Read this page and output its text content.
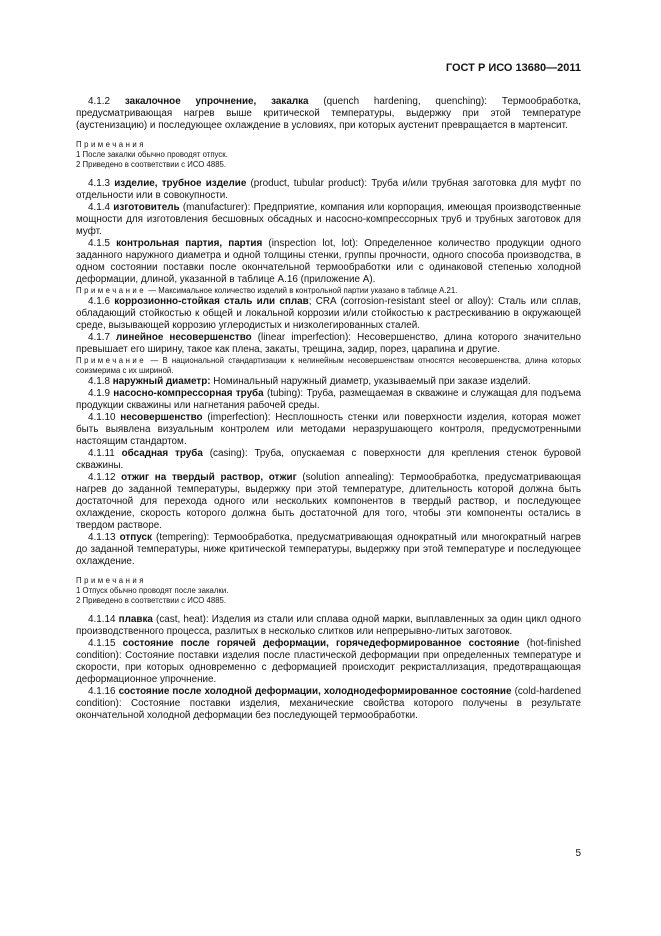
ГОСТ Р ИСО 13680—2011

4.1.2 закалочное упрочнение, закалка (quench hardening, quenching): Термообработка, предусматривающая нагрев выше критической температуры, выдержку при этой температуре (аустенизацию) и последующее охлаждение в условиях, при которых аустенит превращается в мартенсит.

Примечания
1 После закалки обычно проводят отпуск.
2 Приведено в соответствии с ИСО 4885.

4.1.3 изделие, трубное изделие (product, tubular product): Труба и/или трубная заготовка для муфт по отдельности или в совокупности.

4.1.4 изготовитель (manufacturer): Предприятие, компания или корпорация, имеющая производственные мощности для изготовления бесшовных обсадных и насосно-компрессорных труб и трубных заготовок для муфт.

4.1.5 контрольная партия, партия (inspection lot, lot): Определенное количество продукции одного заданного наружного диаметра и одной толщины стенки, группы прочности, одного способа производства, в одном состоянии поставки после окончательной термообработки или с одинаковой степенью холодной деформации, длиной, указанной в таблице А.16 (приложение А).

Примечание — Максимальное количество изделий в контрольной партии указано в таблице А.21.

4.1.6 коррозионно-стойкая сталь или сплав; CRA (corrosion-resistant steel or alloy): Сталь или сплав, обладающий стойкостью к общей и локальной коррозии и/или стойкостью к растрескиванию в окружающей среде, вызывающей коррозию углеродистых и низколегированных сталей.

4.1.7 линейное несовершенство (linear imperfection): Несовершенство, длина которого значительно превышает его ширину, такое как плена, закаты, трещина, задир, порез, царапина и другие.

Примечание — В национальной стандартизации к нелинейным несовершенствам относятся несовершенства, длина которых соизмерима с их шириной.

4.1.8 наружный диаметр: Номинальный наружный диаметр, указываемый при заказе изделий.

4.1.9 насосно-компрессорная труба (tubing): Труба, размещаемая в скважине и служащая для подъема продукции скважины или нагнетания рабочей среды.

4.1.10 несовершенство (imperfection): Несплошность стенки или поверхности изделия, которая может быть выявлена визуальным контролем или методами неразрушающего контроля, предусмотренными настоящим стандартом.

4.1.11 обсадная труба (casing): Труба, опускаемая с поверхности для крепления стенок буровой скважины.

4.1.12 отжиг на твердый раствор, отжиг (solution annealing): Термообработка, предусматривающая нагрев до заданной температуры, выдержку при этой температуре, длительность которой должна быть достаточной для перехода одного или нескольких компонентов в твердый раствор, и последующее охлаждение, скорость которого должна быть достаточной для того, чтобы эти компоненты остались в твердом растворе.

4.1.13 отпуск (tempering): Термообработка, предусматривающая однократный или многократный нагрев до заданной температуры, ниже критической температуры, выдержку при этой температуре и последующее охлаждение.

Примечания
1 Отпуск обычно проводят после закалки.
2 Приведено в соответствии с ИСО 4885.

4.1.14 плавка (cast, heat): Изделия из стали или сплава одной марки, выплавленных за один цикл одного производственного процесса, разлитых в несколько слитков или непрерывно-литых заготовок.

4.1.15 состояние после горячей деформации, горячедеформированное состояние (hot-finished condition): Состояние поставки изделия после пластической деформации при определенных температуре и скорости, при которых одновременно с деформацией происходит рекристаллизация, предотвращающая деформационное упрочнение.

4.1.16 состояние после холодной деформации, холоднодеформированное состояние (cold-hardened condition): Состояние поставки изделия, механические свойства которого получены в результате окончательной холодной деформации без последующей термообработки.

5
